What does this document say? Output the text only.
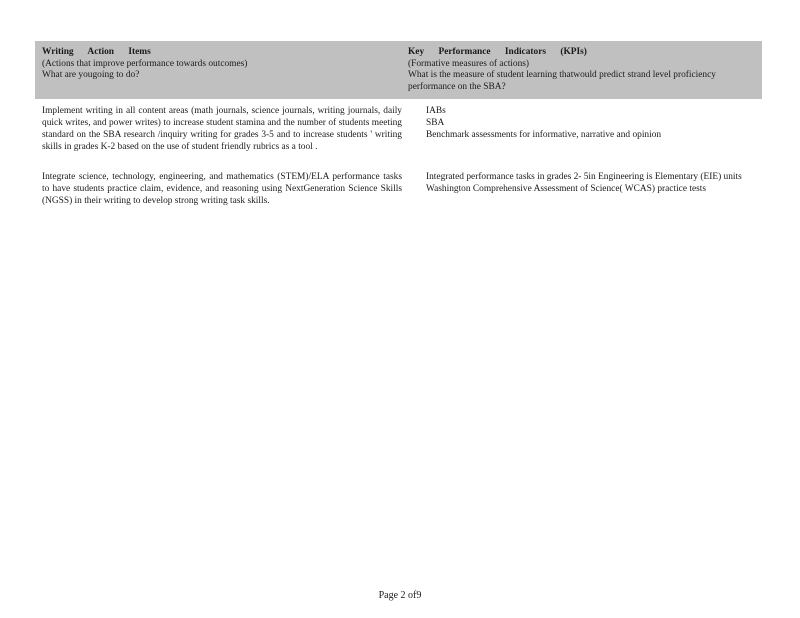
Writing Action Items
(Actions that improve performance towards outcomes)
What are yougoing to do?
Key Performance Indicators (KPIs)
(Formative measures of actions)
What is the measure of student learning thatwould predict strand level proficiency performance on the SBA?

Implement writing in all content areas (math journals, science journals, writing journals, daily quick writes, and power writes) to increase student stamina and the number of students meeting standard on the SBA research /inquiry writing for grades 3-5 and to increase students ' writing skills in grades K-2 based on the use of student friendly rubrics as a tool .

IABs
SBA
Benchmark assessments for informative, narrative and opinion

Integrate science, technology, engineering, and mathematics (STEM)/ELA performance tasks to have students practice claim, evidence, and reasoning using NextGeneration Science Skills (NGSS) in their writing to develop strong writing task skills.

Integrated performance tasks in grades 2- 5in Engineering is Elementary (EIE) units
Washington Comprehensive Assessment of Science( WCAS) practice tests
Page 2 of9
